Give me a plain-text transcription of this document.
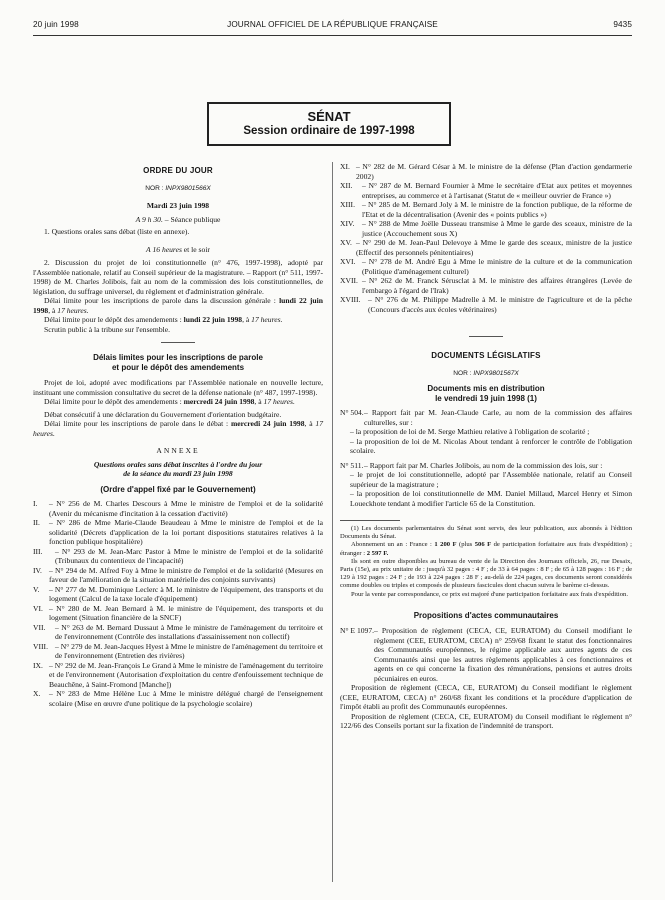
20 juin 1998	JOURNAL OFFICIEL DE LA RÉPUBLIQUE FRANÇAISE	9435
SÉNAT
Session ordinaire de 1997-1998
ORDRE DU JOUR
NOR : INPX9801566X
Mardi 23 juin 1998
A 9 h 30. – Séance publique

1. Questions orales sans débat (liste en annexe).

A 16 heures et le soir

2. Discussion du projet de loi constitutionnelle (n° 476, 1997-1998), adopté par l'Assemblée nationale, relatif au Conseil supérieur de la magistrature. – Rapport (n° 511, 1997-1998) de M. Charles Jolibois, fait au nom de la commission des lois constitutionnelles, de législation, du suffrage universel, du règlement et d'administration générale.

Délai limite pour les inscriptions de parole dans la discussion générale : lundi 22 juin 1998, à 17 heures.

Délai limite pour le dépôt des amendements : lundi 22 juin 1998, à 17 heures.

Scrutin public à la tribune sur l'ensemble.

Délais limites pour les inscriptions de parole
et pour le dépôt des amendements

Projet de loi, adopté avec modifications par l'Assemblée nationale en nouvelle lecture, instituant une commission consultative du secret de la défense nationale (n° 487, 1997-1998).

Délai limite pour le dépôt des amendements : mercredi 24 juin 1998, à 17 heures.

Débat consécutif à une déclaration du Gouvernement d'orientation budgétaire.

Délai limite pour les inscriptions de parole dans le débat : mercredi 24 juin 1998, à 17 heures.

ANNEXE
Questions orales sans débat inscrites à l'ordre du jour
de la séance du mardi 23 juin 1998
(Ordre d'appel fixé par le Gouvernement)
I. – N° 256 de M. Charles Descours à Mme le ministre de l'emploi et de la solidarité (Avenir du mécanisme d'incitation à la cessation d'activité)
II. – N° 286 de Mme Marie-Claude Beaudeau à Mme le ministre de l'emploi et de la solidarité (Décrets d'application de la loi portant dispositions statutaires relatives à la fonction publique hospitalière)
III. – N° 293 de M. Jean-Marc Pastor à Mme le ministre de l'emploi et de la solidarité (Tribunaux du contentieux de l'incapacité)
IV. – N° 294 de M. Alfred Foy à Mme le ministre de l'emploi et de la solidarité (Mesures en faveur de l'amélioration de la situation matérielle des conjoints survivants)
V. – N° 277 de M. Dominique Leclerc à M. le ministre de l'équipement, des transports et du logement (Calcul de la taxe locale d'équipement)
VI. – N° 280 de M. Jean Bernard à M. le ministre de l'équipement, des transports et du logement (Situation financière de la SNCF)
VII. – N° 263 de M. Bernard Dussaut à Mme le ministre de l'aménagement du territoire et de l'environnement (Contrôle des installations d'assainissement non collectif)
VIII. – N° 279 de M. Jean-Jacques Hyest à Mme le ministre de l'aménagement du territoire et de l'environnement (Entretien des rivières)
IX. – N° 292 de M. Jean-François Le Grand à Mme le ministre de l'aménagement du territoire et de l'environnement (Autorisation d'exploitation du centre d'enfouissement technique de Beauchêne, à Saint-Fromond [Manche])
X. – N° 283 de Mme Hélène Luc à Mme le ministre délégué chargé de l'enseignement scolaire (Mise en œuvre d'une politique de la psychologie scolaire)
XI. – N° 282 de M. Gérard César à M. le ministre de la défense (Plan d'action gendarmerie 2002)
XII. – N° 287 de M. Bernard Fournier à Mme le secrétaire d'Etat aux petites et moyennes entreprises, au commerce et à l'artisanat (Statut de « meilleur ouvrier de France »)
XIII. – N° 285 de M. Bernard Joly à M. le ministre de la fonction publique, de la réforme de l'Etat et de la décentralisation (Avenir des « points publics »)
XIV. – N° 288 de Mme Joëlle Dusseau transmise à Mme le garde des sceaux, ministre de la justice (Accouchement sous X)
XV. – N° 290 de M. Jean-Paul Delevoye à Mme le garde des sceaux, ministre de la justice (Effectif des personnels pénitentiaires)
XVI. – N° 278 de M. André Egu à Mme le ministre de la culture et de la communication (Politique d'aménagement culturel)
XVII. – N° 262 de M. Franck Sérusclat à M. le ministre des affaires étrangères (Levée de l'embargo à l'égard de l'Irak)
XVIII. – N° 276 de M. Philippe Madrelle à M. le ministre de l'agriculture et de la pêche (Concours d'accès aux écoles vétérinaires)
DOCUMENTS LÉGISLATIFS
NOR : INPX9801567X
Documents mis en distribution
le vendredi 19 juin 1998 (1)
N° 504. – Rapport fait par M. Jean-Claude Carle, au nom de la commission des affaires culturelles, sur :

– la proposition de loi de M. Serge Mathieu relative à l'obligation de scolarité ;

– la proposition de loi de M. Nicolas About tendant à renforcer le contrôle de l'obligation scolaire.

N° 511. – Rapport fait par M. Charles Jolibois, au nom de la commission des lois, sur :

– le projet de loi constitutionnelle, adopté par l'Assemblée nationale, relatif au Conseil supérieur de la magistrature ;

– la proposition de loi constitutionnelle de MM. Daniel Millaud, Marcel Henry et Simon Loueckhote tendant à modifier l'article 65 de la Constitution.

(1) Les documents parlementaires du Sénat sont servis, des leur publication, aux abonnés à l'édition Documents du Sénat.

Abonnement un an : France : 1 200 F (plus 506 F de participation forfaitaire aux frais d'expédition) ; étranger : 2 597 F.

Ils sont en outre disponibles au bureau de vente de la Direction des Journaux officiels, 26, rue Desaix, Paris (15e), au prix unitaire de : jusqu'à 32 pages : 4 F ; de 33 à 64 pages : 8 F ; de 65 à 128 pages : 16 F ; de 129 à 192 pages : 24 F ; de 193 à 224 pages : 28 F ; au-delà de 224 pages, ces documents seront considérés comme doubles ou triples et composés de plusieurs fascicules dont chacun suivra le barème ci-dessus.

Pour la vente par correspondance, ce prix est majoré d'une participation forfaitaire aux frais d'expédition.

Propositions d'actes communautaires
N° E 1097. – Proposition de règlement (CECA, CE, EURATOM) du Conseil modifiant le règlement (CEE, EURATOM, CECA) n° 259/68 fixant le statut des fonctionnaires des Communautés européennes, le régime applicable aux autres agents de ces Communautés ainsi que les autres règlements applicables à ces fonctionnaires et agents en ce qui concerne la fixation des rémunérations, pensions et autres droits pécuniaires en euros.

Proposition de règlement (CECA, CE, EURATOM) du Conseil modifiant le règlement (CEE, EURATOM, CECA) n° 260/68 fixant les conditions et la procédure d'application de l'impôt établi au profit des Communautés européennes.

Proposition de règlement (CECA, CE, EURATOM) du Conseil modifiant le règlement n° 122/66 des Conseils portant sur la fixation de l'indemnité de transport.
